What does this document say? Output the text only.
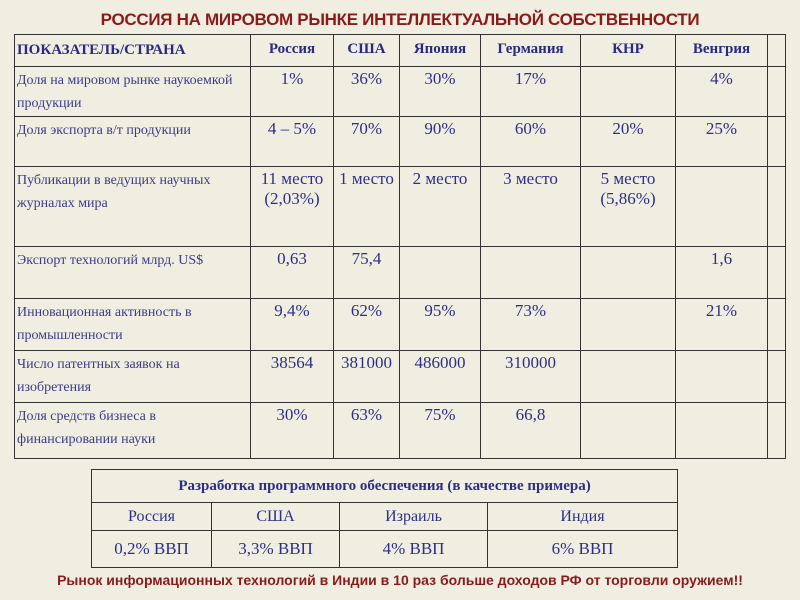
РОССИЯ НА МИРОВОМ РЫНКЕ ИНТЕЛЛЕКТУАЛЬНОЙ СОБСТВЕННОСТИ
ПОКАЗАТЕЛЬ/СТРАНА	Россия	США	Япония	Германия	КНР	Венгрия	
Доля на мировом рынке наукоемкой продукции	1%	36%	30%	17%		4%	
Доля экспорта в/т продукции	4 – 5%	70%	90%	60%	20%	25%	
Публикации в ведущих научных журналах мира	11 место (2,03%)	1 место	2 место	3 место	5 место (5,86%)		
Экспорт технологий млрд. US$	0,63	75,4				1,6	
Инновационная активность в промышленности	9,4%	62%	95%	73%		21%	
Число патентных заявок на изобретения	38564	381000	486000	310000			
Доля средств бизнеса в финансировании науки	30%	63%	75%	66,8			
Разработка программного обеспечения (в качестве примера)			
Россия	США	Израиль	Индия
0,2% ВВП	3,3% ВВП	4% ВВП	6% ВВП
Рынок информационных технологий в Индии в 10 раз больше доходов РФ от торговли оружием!!
